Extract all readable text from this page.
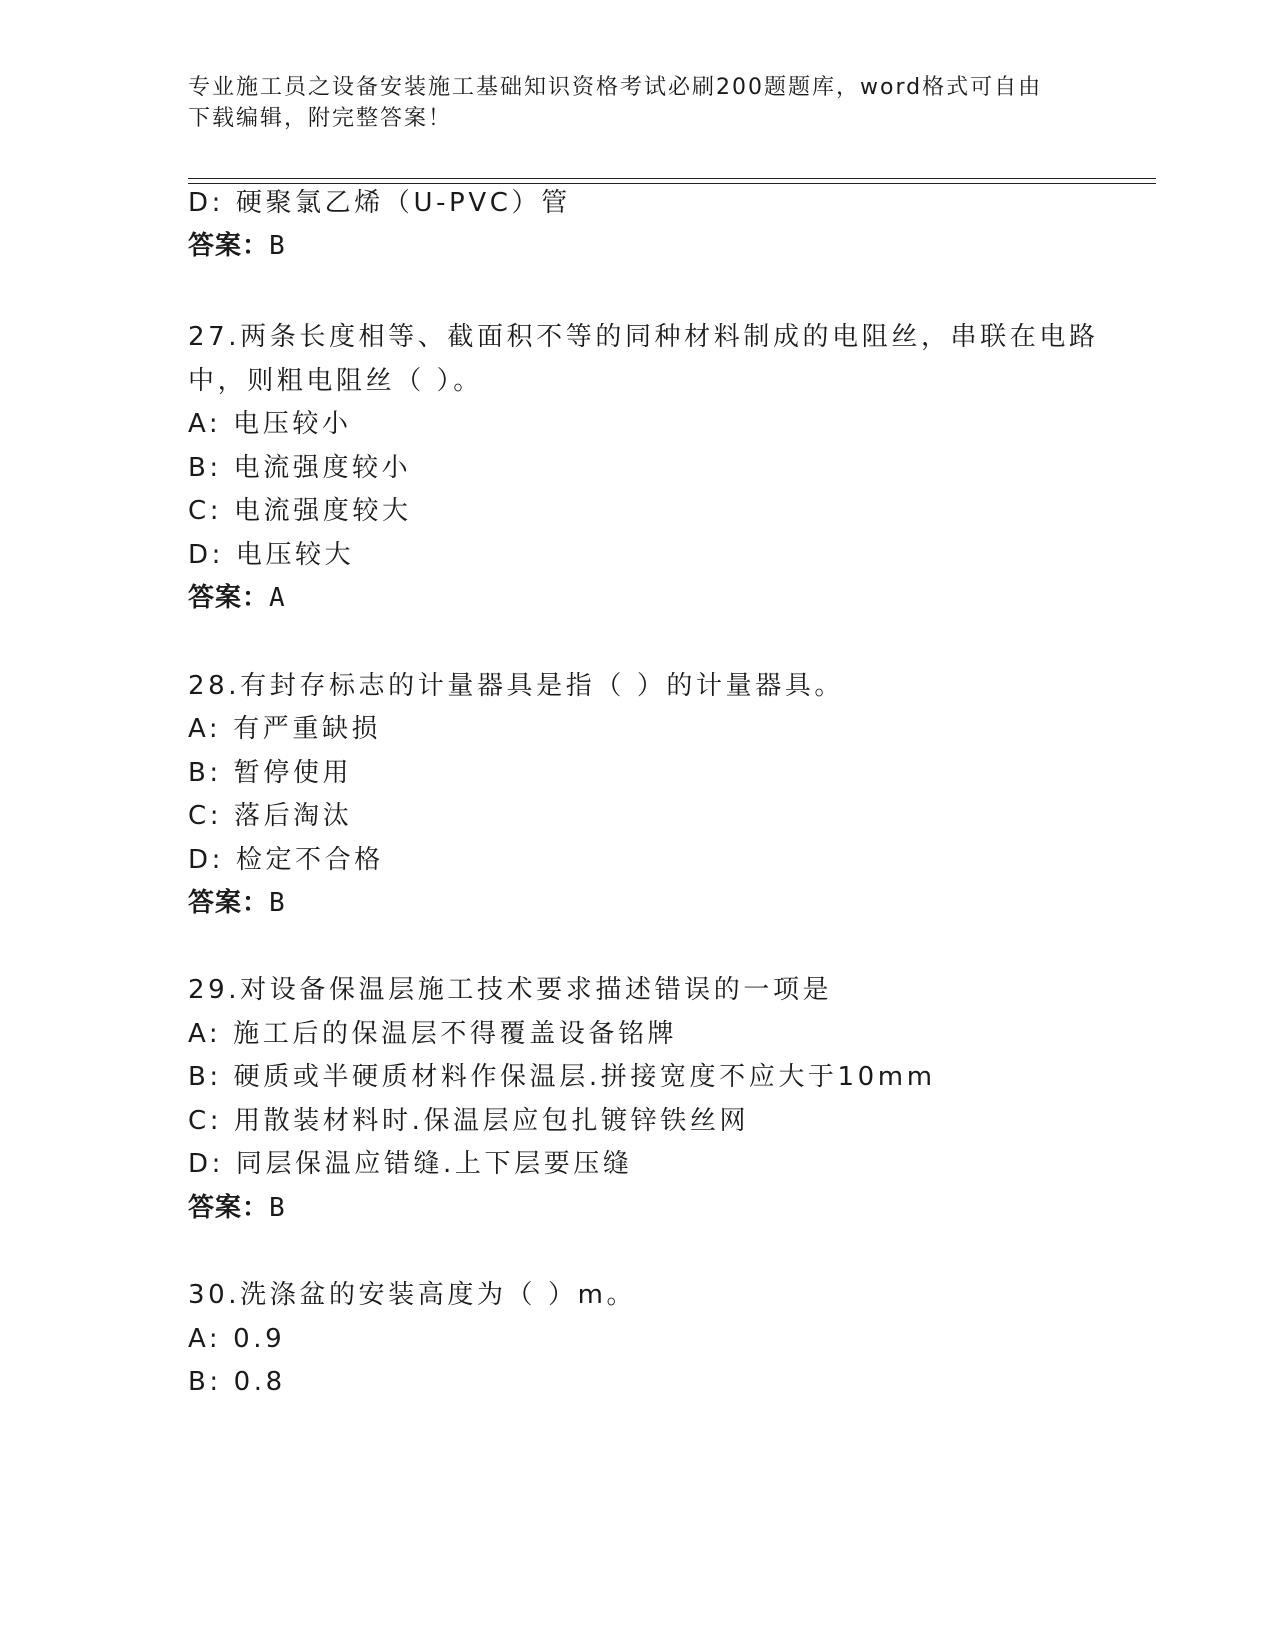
专业施工员之设备安装施工基础知识资格考试必刷200题题库，word格式可自由
下载编辑，附完整答案！
D: 硬聚氯乙烯（U-PVC）管
答案：B
27.两条长度相等、截面积不等的同种材料制成的电阻丝，串联在电路
中，则粗电阻丝（ ）。
A: 电压较小
B: 电流强度较小
C: 电流强度较大
D: 电压较大
答案：A
28.有封存标志的计量器具是指（ ）的计量器具。
A: 有严重缺损
B: 暂停使用
C: 落后淘汰
D: 检定不合格
答案：B
29.对设备保温层施工技术要求描述错误的一项是
A: 施工后的保温层不得覆盖设备铭牌
B: 硬质或半硬质材料作保温层.拼接宽度不应大于10mm
C: 用散装材料时.保温层应包扎镀锌铁丝网
D: 同层保温应错缝.上下层要压缝
答案：B
30.洗涤盆的安装高度为（ ）m。
A: 0.9
B: 0.8
